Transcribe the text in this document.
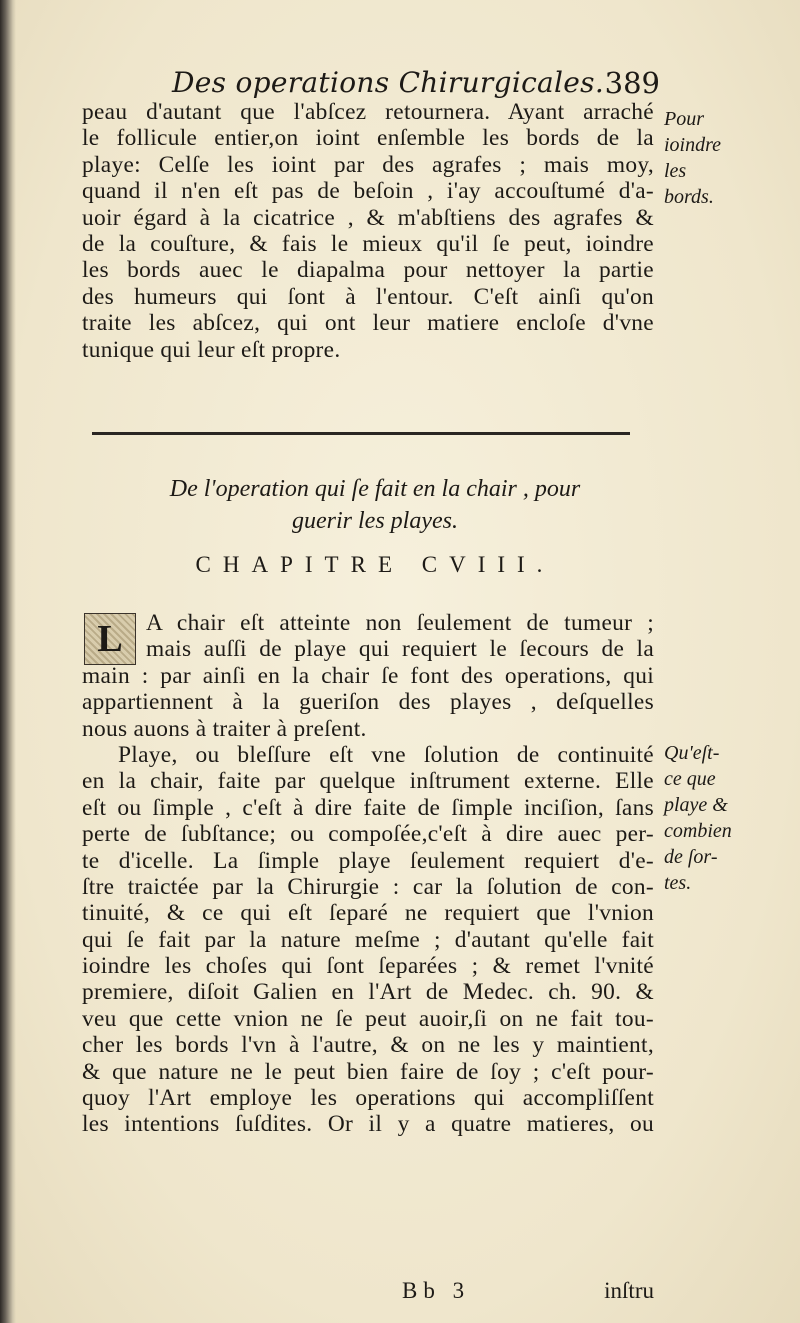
Des operations Chirurgicales. 389
peau d'autant que l'abſcez retournera. Ayant arraché
le follicule entier,on ioint enſemble les bords de la
playe: Celſe les ioint par des agrafes ; mais moy,
quand il n'en eſt pas de beſoin , i'ay accouſtumé d'a-
uoir égard à la cicatrice , & m'abſtiens des agrafes &
de la couſture, & fais le mieux qu'il ſe peut, ioindre
les bords auec le diapalma pour nettoyer la partie
des humeurs qui ſont à l'entour. C'eſt ainſi qu'on
traite les abſcez, qui ont leur matiere encloſe d'vne
tunique qui leur eſt propre.
Pour
ioindre
les
bords.
De l'operation qui ſe fait en la chair , pour
guerir les playes.
CHAPITRE CVIII.
L A chair eſt atteinte non ſeulement de tumeur ;
mais auſſi de playe qui requiert le ſecours de la
main : par ainſi en la chair ſe font des operations, qui
appartiennent à la gueriſon des playes , deſquelles
nous auons à traiter à preſent.
Playe, ou bleſſure eſt vne ſolution de continuité
en la chair, faite par quelque inſtrument externe. Elle
eſt ou ſimple , c'eſt à dire faite de ſimple inciſion, ſans
perte de ſubſtance; ou compoſée,c'eſt à dire auec per-
te d'icelle. La ſimple playe ſeulement requiert d'e-
ſtre traictée par la Chirurgie : car la ſolution de con-
tinuité, & ce qui eſt ſeparé ne requiert que l'vnion
qui ſe fait par la nature meſme ; d'autant qu'elle fait
ioindre les choſes qui ſont ſeparées ; & remet l'vnité
premiere, diſoit Galien en l'Art de Medec. ch. 90. &
veu que cette vnion ne ſe peut auoir,ſi on ne fait tou-
cher les bords l'vn à l'autre, & on ne les y maintient,
& que nature ne le peut bien faire de ſoy ; c'eſt pour-
quoy l'Art employe les operations qui accompliſſent
les intentions ſuſdites. Or il y a quatre matieres, ou
Qu'eſt-
ce que
playe &
combien
de ſor-
tes.
Bb 3	inſtru
